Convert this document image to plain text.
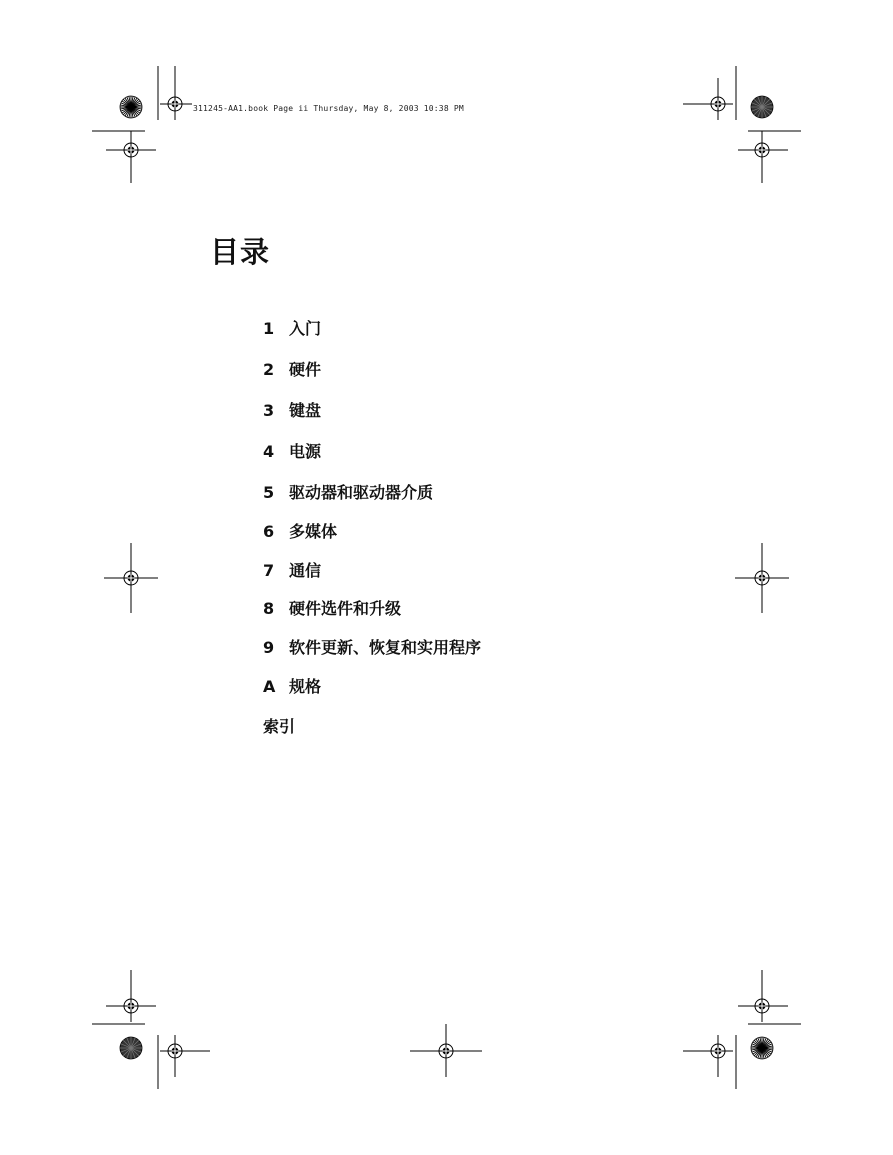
311245-AA1.book Page ii Thursday, May 8, 2003 10:38 PM
目录
1 入门
2 硬件
3 键盘
4 电源
5 驱动器和驱动器介质
6 多媒体
7 通信
8 硬件选件和升级
9 软件更新、恢复和实用程序
A 规格
索引
